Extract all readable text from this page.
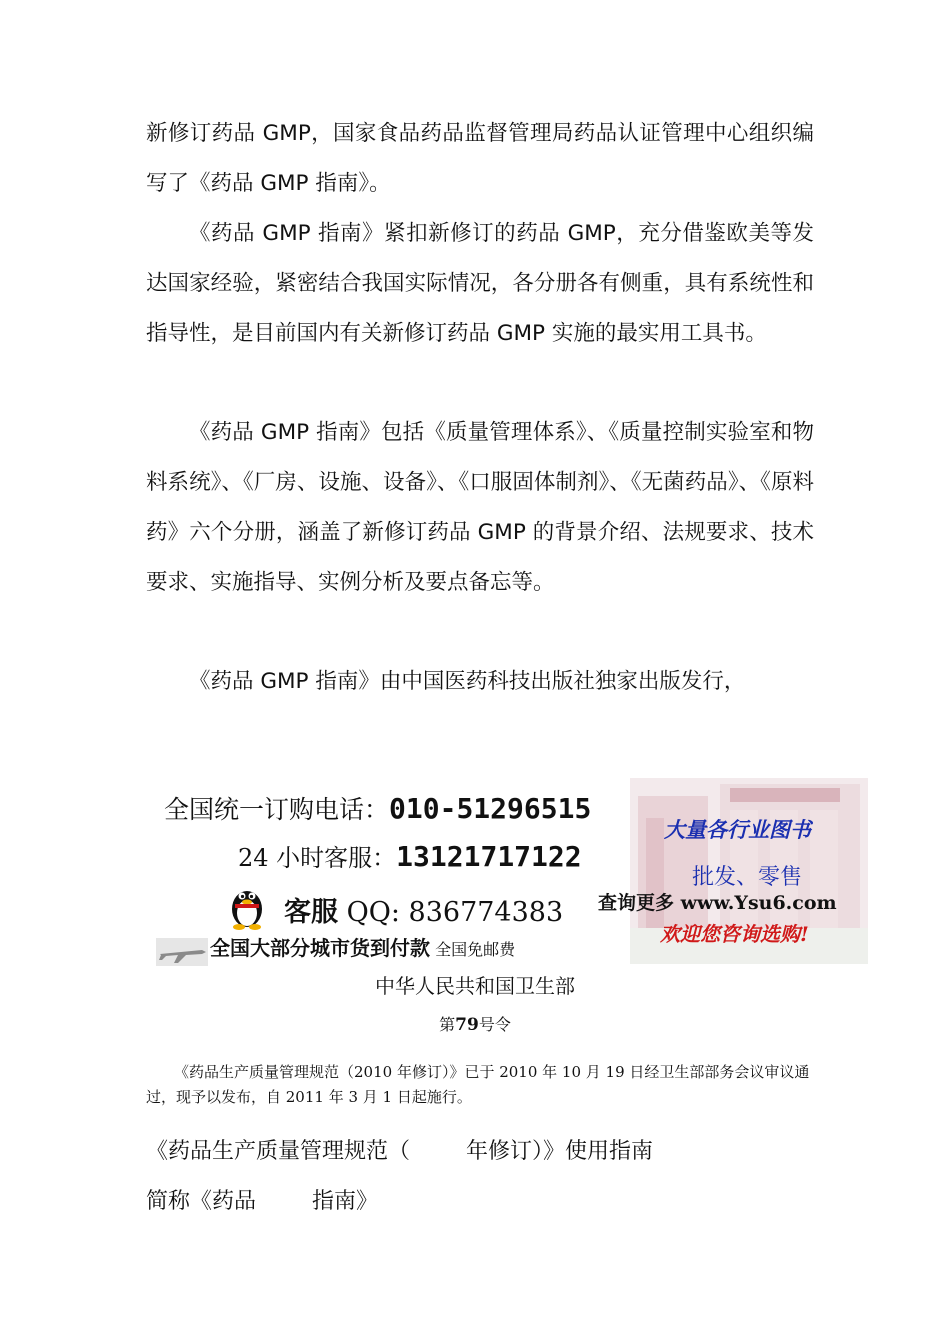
新修订药品 GMP，国家食品药品监督管理局药品认证管理中心组织编写了《药品 GMP 指南》。

《药品 GMP 指南》紧扣新修订的药品 GMP，充分借鉴欧美等发达国家经验，紧密结合我国实际情况，各分册各有侧重，具有系统性和指导性，是目前国内有关新修订药品 GMP 实施的最实用工具书。

《药品 GMP 指南》包括《质量管理体系》、《质量控制实验室和物料系统》、《厂房、设施、设备》、《口服固体制剂》、《无菌药品》、《原料药》六个分册，涵盖了新修订药品 GMP 的背景介绍、法规要求、技术要求、实施指导、实例分析及要点备忘等。

《药品 GMP 指南》由中国医药科技出版社独家出版发行，

全国统一订购电话：010-51296515
24 小时客服：13121717122
客服 QQ: 836774383
全国大部分城市货到付款 全国免邮费
大量各行业图书
批发、零售
欢迎您咨询选购!
查询更多 www.Ysu6.com
中华人民共和国卫生部
第79号令

《药品生产质量管理规范（2010 年修订）》已于 2010 年 10 月 19 日经卫生部部务会议审议通过，现予以发布，自 2011 年 3 月 1 日起施行。

《药品生产质量管理规范（        年修订）》使用指南
简称《药品        指南》
